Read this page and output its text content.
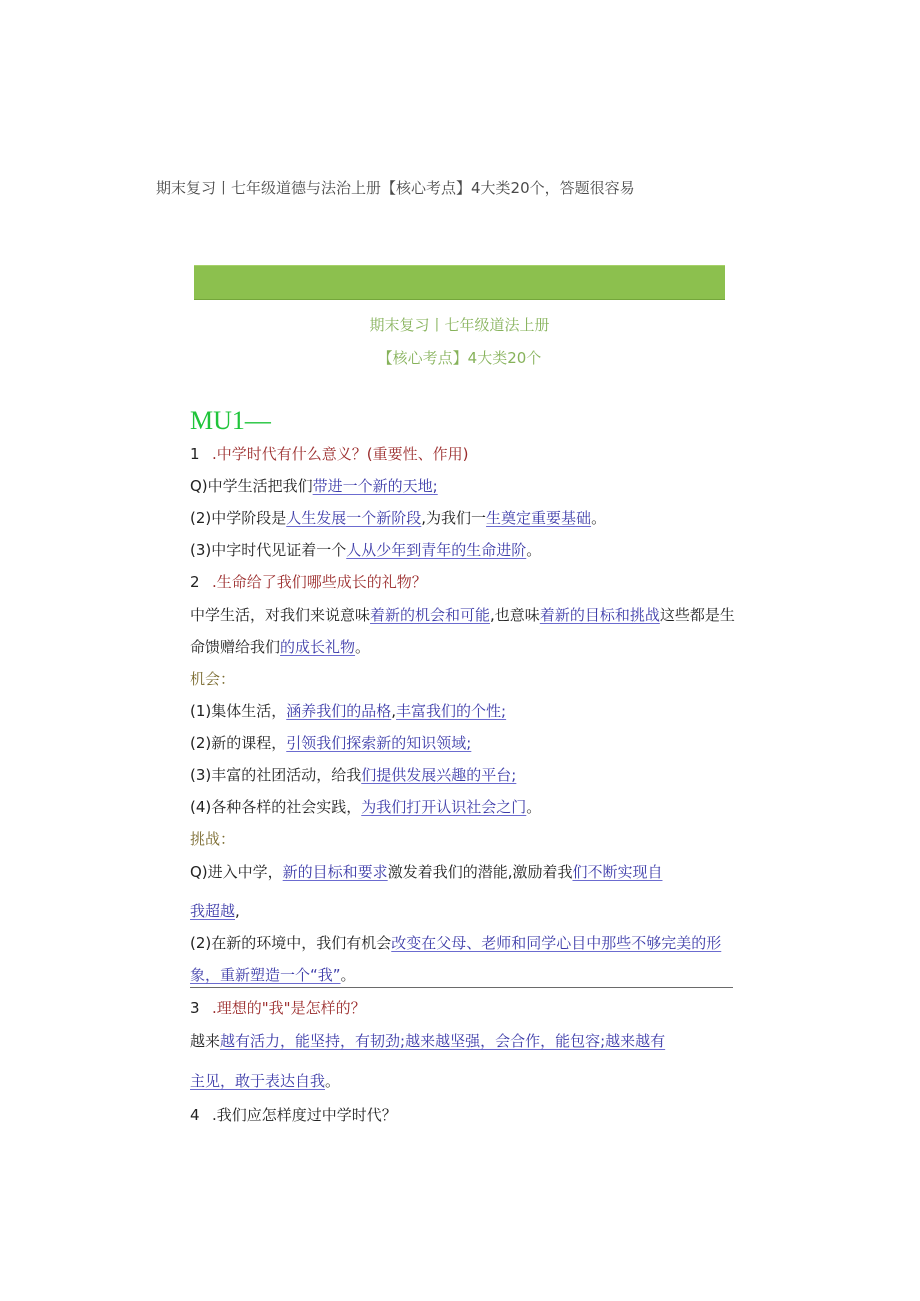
期末复习丨七年级道德与法治上册【核心考点】4大类20个，答题很容易
期末复习丨七年级道法上册
【核心考点】4大类20个
MU1—
1 .中学时代有什么意义？(重要性、作用)
Q)中学生活把我们带进一个新的天地;
(2)中学阶段是人生发展一个新阶段,为我们一生奠定重要基础。
(3)中字时代见证着一个人从少年到青年的生命进阶。
2 .生命给了我们哪些成长的礼物？
中学生活，对我们来说意味着新的机会和可能,也意味着新的目标和挑战这些都是生
命馈赠给我们的成长礼物。
机会：
(1)集体生活，涵养我们的品格,丰富我们的个性;
(2)新的课程，引领我们探索新的知识领域;
(3)丰富的社团活动，给我们提供发展兴趣的平台;
(4)各种各样的社会实践，为我们打开认识社会之门。
挑战：
Q)进入中学，新的目标和要求激发着我们的潜能,激励着我们不断实现自
我超越,
(2)在新的环境中，我们有机会改变在父母、老师和同学心目中那些不够完美的形
象，重新塑造一个“我”。
3 .理想的"我"是怎样的？
越来越有活力，能坚持，有韧劲;越来越坚强，会合作，能包容;越来越有
主见，敢于表达自我。
4 .我们应怎样度过中学时代？
